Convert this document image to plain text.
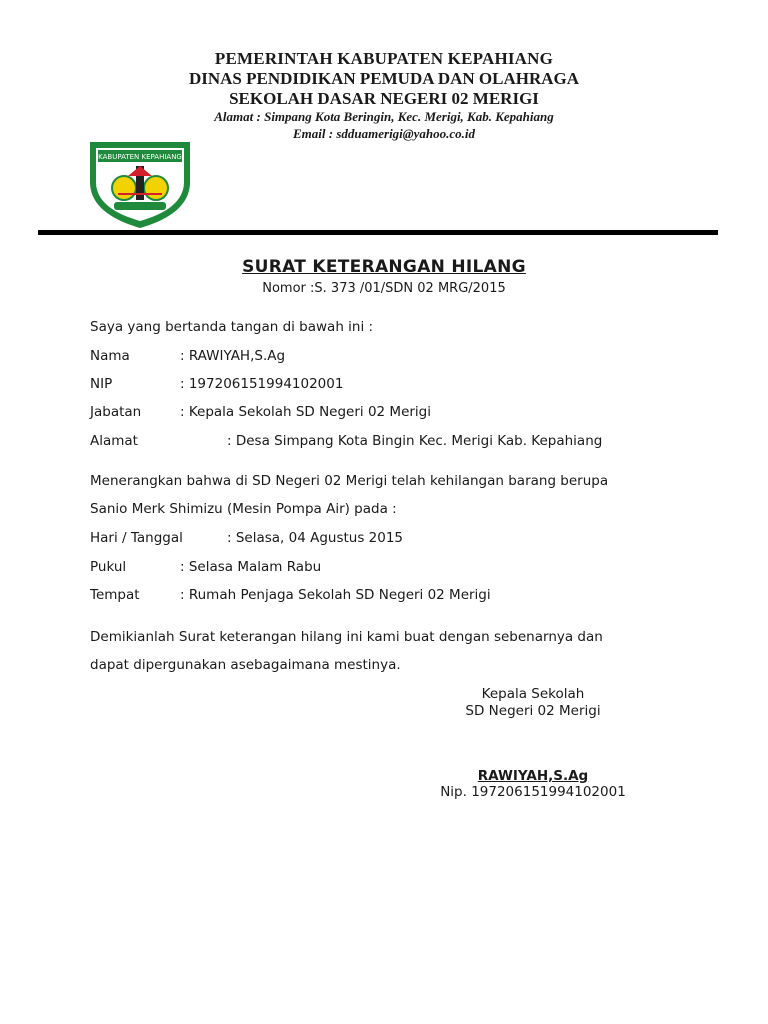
PEMERINTAH KABUPATEN KEPAHIANG
DINAS PENDIDIKAN PEMUDA DAN OLAHRAGA
SEKOLAH DASAR NEGERI 02 MERIGI
Alamat : Simpang Kota Beringin, Kec. Merigi, Kab. Kepahiang
Email : sdduamerigi@yahoo.co.id
KABUPATEN KEPAHIANG
SURAT KETERANGAN HILANG
Nomor :S. 373 /01/SDN 02 MRG/2015
Saya yang bertanda tangan di bawah ini :
Nama	: RAWIYAH,S.Ag
NIP	: 197206151994102001
Jabatan	: Kepala Sekolah SD Negeri 02 Merigi
Alamat	: Desa Simpang Kota Bingin Kec. Merigi Kab. Kepahiang
Menerangkan bahwa di SD Negeri 02 Merigi telah kehilangan barang berupa
Sanio Merk Shimizu (Mesin Pompa Air) pada :
Hari / Tanggal	: Selasa, 04 Agustus 2015
Pukul	: Selasa Malam Rabu
Tempat	: Rumah Penjaga Sekolah SD Negeri 02 Merigi
Demikianlah Surat keterangan hilang ini kami buat dengan sebenarnya dan
dapat dipergunakan asebagaimana mestinya.
Kepala Sekolah
SD Negeri 02 Merigi
RAWIYAH,S.Ag
Nip. 197206151994102001
